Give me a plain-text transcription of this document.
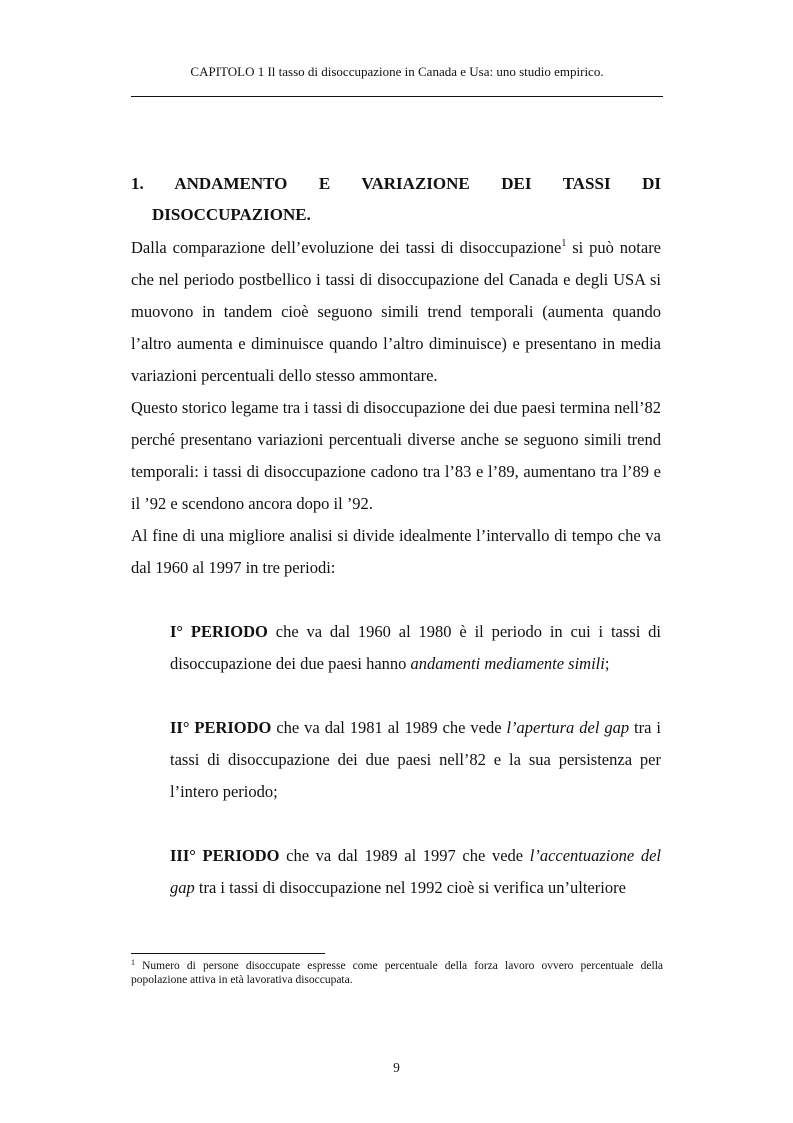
CAPITOLO 1 Il tasso di disoccupazione in Canada e Usa: uno studio empirico.
1. ANDAMENTO E VARIAZIONE DEI TASSI DI
DISOCCUPAZIONE.
Dalla comparazione dell’evoluzione dei tassi di disoccupazione$^1$ si può notare che nel periodo postbellico i tassi di disoccupazione del Canada e degli USA si muovono in tandem cioè seguono simili trend temporali (aumenta quando l’altro aumenta e diminuisce quando l’altro diminuisce) e presentano in media variazioni percentuali dello stesso ammontare.
Questo storico legame tra i tassi di disoccupazione dei due paesi termina nell’82 perché presentano variazioni percentuali diverse anche se seguono simili trend temporali: i tassi di disoccupazione cadono tra l’83 e l’89, aumentano tra l’89 e il ’92 e scendono ancora dopo il ’92.
Al fine di una migliore analisi si divide idealmente l’intervallo di tempo che va dal 1960 al 1997 in tre periodi:
I° PERIODO che va dal 1960 al 1980 è il periodo in cui i tassi di disoccupazione dei due paesi hanno andamenti mediamente simili;
II° PERIODO che va dal 1981 al 1989 che vede l’apertura del gap tra i tassi di disoccupazione dei due paesi nell’82 e la sua persistenza per l’intero periodo;
III° PERIODO che va dal 1989 al 1997 che vede l’accentuazione del gap tra i tassi di disoccupazione nel 1992 cioè si verifica un’ulteriore
$^1$ Numero di persone disoccupate espresse come percentuale della forza lavoro ovvero percentuale della popolazione attiva in età lavorativa disoccupata.
9
